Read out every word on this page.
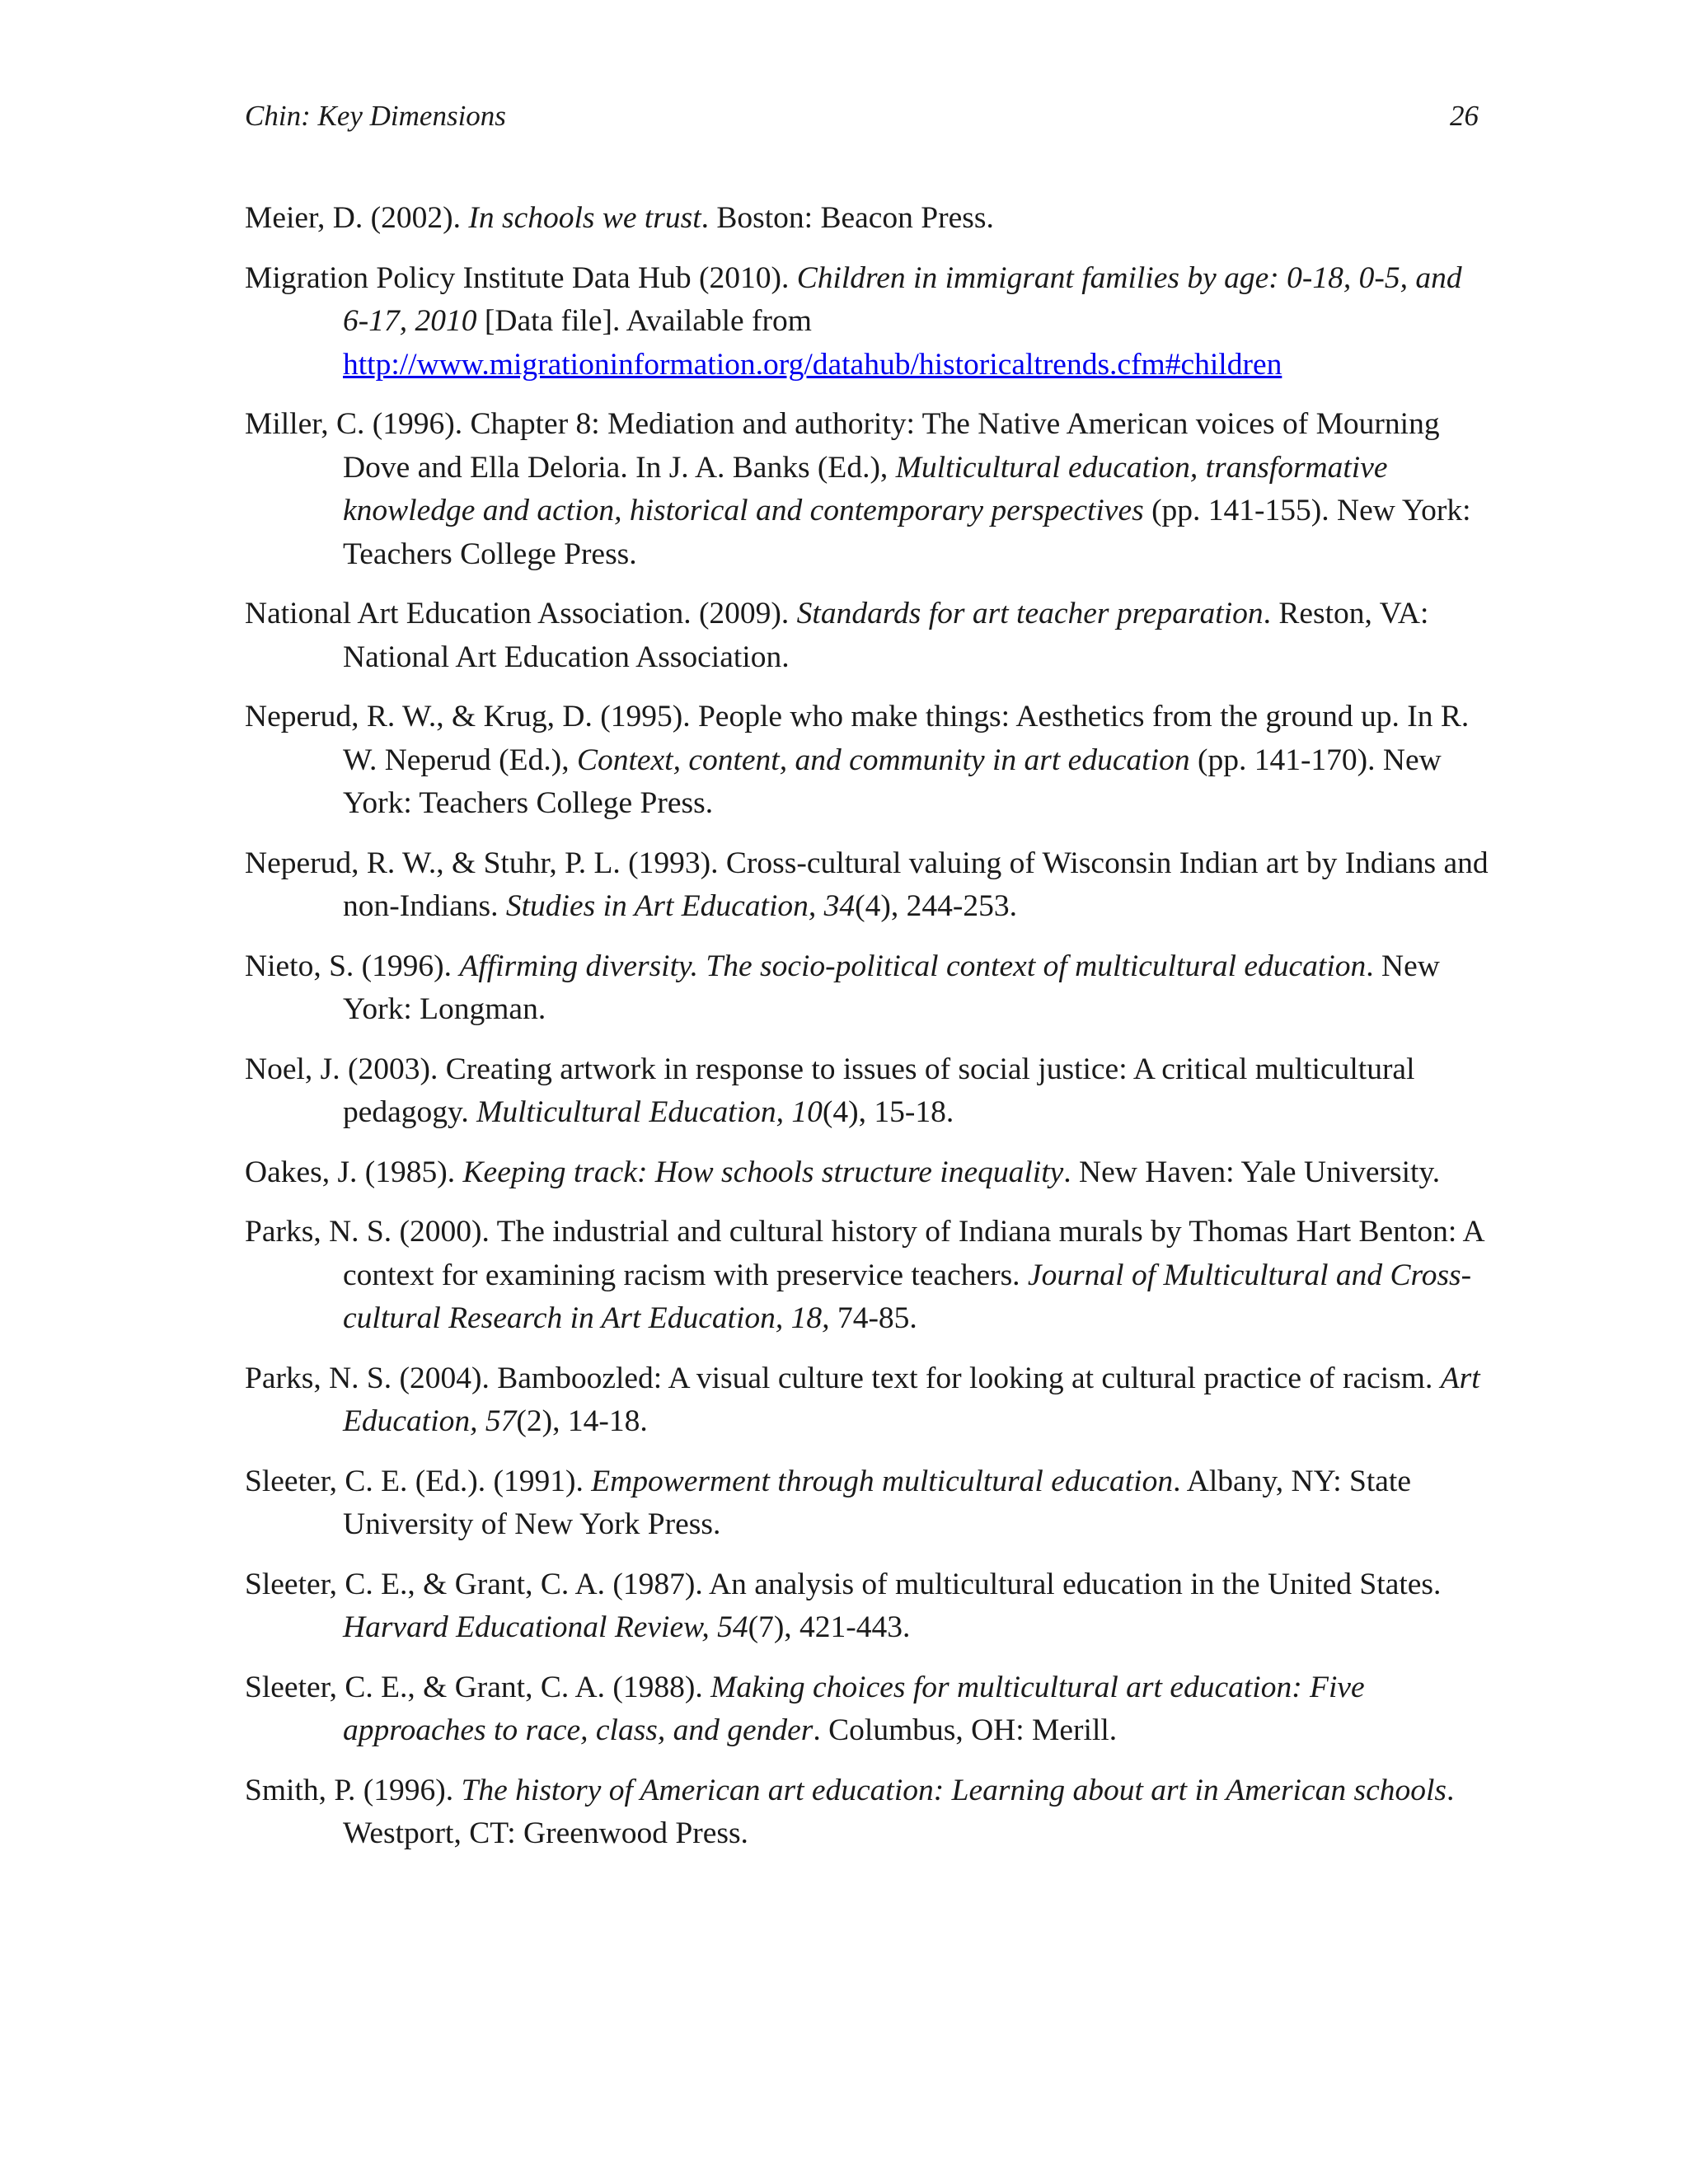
Chin: Key Dimensions	26
Meier, D. (2002). In schools we trust. Boston: Beacon Press.
Migration Policy Institute Data Hub (2010). Children in immigrant families by age: 0-18, 0-5, and 6-17, 2010 [Data file]. Available from http://www.migrationinformation.org/datahub/historicaltrends.cfm#children
Miller, C. (1996). Chapter 8: Mediation and authority: The Native American voices of Mourning Dove and Ella Deloria. In J. A. Banks (Ed.), Multicultural education, transformative knowledge and action, historical and contemporary perspectives (pp. 141-155). New York: Teachers College Press.
National Art Education Association. (2009). Standards for art teacher preparation. Reston, VA: National Art Education Association.
Neperud, R. W., & Krug, D. (1995). People who make things: Aesthetics from the ground up. In R. W. Neperud (Ed.), Context, content, and community in art education (pp. 141-170). New York: Teachers College Press.
Neperud, R. W., & Stuhr, P. L. (1993). Cross-cultural valuing of Wisconsin Indian art by Indians and non-Indians. Studies in Art Education, 34(4), 244-253.
Nieto, S. (1996). Affirming diversity. The socio-political context of multicultural education. New York: Longman.
Noel, J. (2003). Creating artwork in response to issues of social justice: A critical multicultural pedagogy. Multicultural Education, 10(4), 15-18.
Oakes, J. (1985). Keeping track: How schools structure inequality. New Haven: Yale University.
Parks, N. S. (2000). The industrial and cultural history of Indiana murals by Thomas Hart Benton: A context for examining racism with preservice teachers. Journal of Multicultural and Cross-cultural Research in Art Education, 18, 74-85.
Parks, N. S. (2004). Bamboozled: A visual culture text for looking at cultural practice of racism. Art Education, 57(2), 14-18.
Sleeter, C. E. (Ed.). (1991). Empowerment through multicultural education. Albany, NY: State University of New York Press.
Sleeter, C. E., & Grant, C. A. (1987). An analysis of multicultural education in the United States. Harvard Educational Review, 54(7), 421-443.
Sleeter, C. E., & Grant, C. A. (1988). Making choices for multicultural art education: Five approaches to race, class, and gender. Columbus, OH: Merill.
Smith, P. (1996). The history of American art education: Learning about art in American schools. Westport, CT: Greenwood Press.
